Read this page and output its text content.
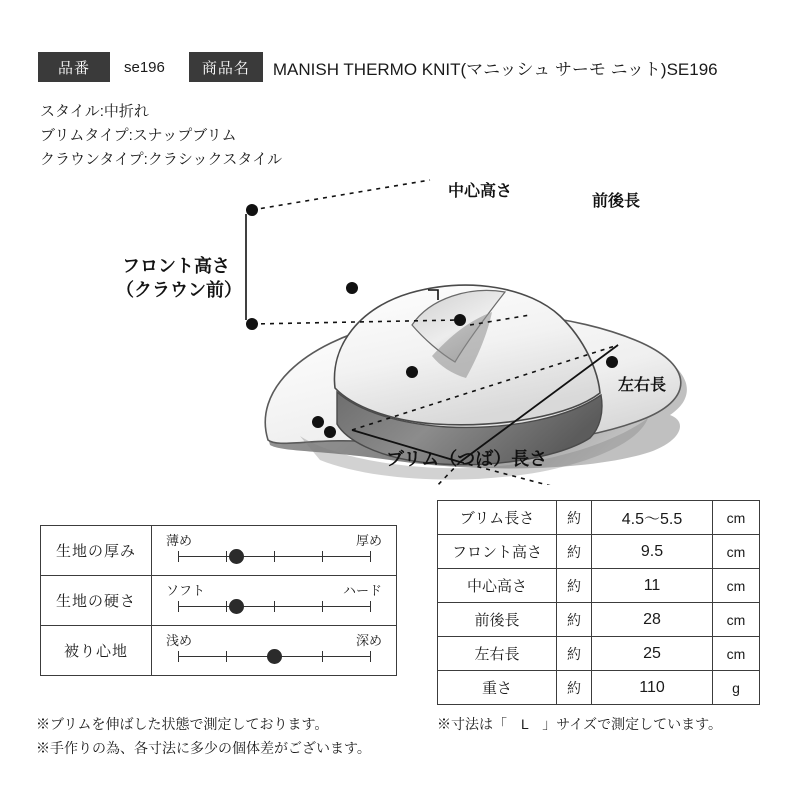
品番	se196	商品名	MANISH THERMO KNIT(マニッシュ サーモ ニット)SE196
スタイル:中折れ
ブリムタイプ:スナップブリム
クラウンタイプ:クラシックスタイル
中心高さ
前後長
フロント高さ
（クラウン前）
左右長
ブリム（つば）長さ
生地の厚み	薄め 厚め

生地の硬さ	ソフト ハード

被り心地	浅め 深め
ブリム長さ	約	4.5〜5.5	cm
フロント高さ	約	9.5	cm
中心高さ	約	11	cm
前後長	約	28	cm
左右長	約	25	cm
重さ	約	110	g
※ブリムを伸ばした状態で測定しております。
※手作りの為、各寸法に多少の個体差がございます。
※寸法は「　L　」サイズで測定しています。
